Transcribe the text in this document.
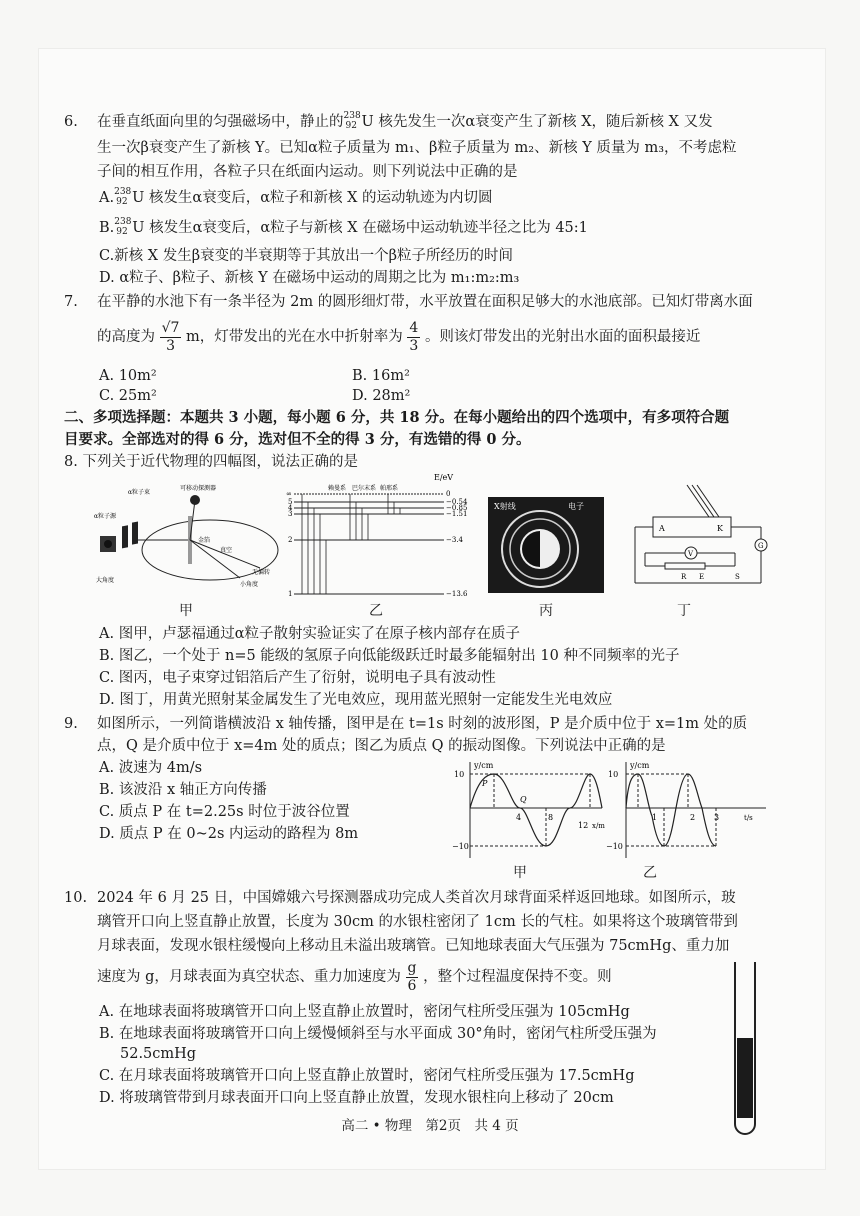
6. 在垂直纸面向里的匀强磁场中，静止的 238
92 U 核先发生一次α衰变产生了新核 X，随后新核 X 又发
生一次β衰变产生了新核 Y。已知α粒子质量为 m₁、β粒子质量为 m₂、新核 Y 质量为 m₃，不考虑粒
子间的相互作用，各粒子只在纸面内运动。则下列说法中正确的是
A. 238
92 U 核发生α衰变后，α粒子和新核 X 的运动轨迹为内切圆
B. 238
92 U 核发生α衰变后，α粒子与新核 X 在磁场中运动轨迹半径之比为 45:1
C.新核 X 发生β衰变的半衰期等于其放出一个β粒子所经历的时间
D. α粒子、β粒子、新核 Y 在磁场中运动的周期之比为 m₁:m₂:m₃
7. 在平静的水池下有一条半径为 2m 的圆形细灯带，水平放置在面积足够大的水池底部。已知灯带离水面
的高度为 $\frac{√7}{3}$ m，灯带发出的光在水中折射率为 $\frac{4}{3}$ 。则该灯带发出的光射出水面的面积最接近
A. 10m²	B. 16m²
C. 25m²	D. 28m²
二、多项选择题：本题共 3 小题，每小题 6 分，共 18 分。在每小题给出的四个选项中，有多项符合题
目要求。全部选对的得 6 分，选对但不全的得 3 分，有选错的得 0 分。
8. 下列关于近代物理的四幅图，说法正确的是
α粒子源
α粒子束
可移动探测器
金箔
真空
无偏转
小角度
大角度
甲
E/eV
赖曼系 巴尔末系 帕邢系
∞
5
4
3
2
1
0
−0.54
−0.85
−1.51
−3.4
−13.6
乙
X射线	电子
丙
A	K
V
G
R E	S
丁
A. 图甲，卢瑟福通过α粒子散射实验证实了在原子核内部存在质子
B. 图乙，一个处于 n=5 能级的氢原子向低能级跃迁时最多能辐射出 10 种不同频率的光子
C. 图丙，电子束穿过铝箔后产生了衍射，说明电子具有波动性
D. 图丁，用黄光照射某金属发生了光电效应，现用蓝光照射一定能发生光电效应
9. 如图所示，一列简谐横波沿 x 轴传播，图甲是在 t=1s 时刻的波形图，P 是介质中位于 x=1m 处的质
点，Q 是介质中位于 x=4m 处的质点；图乙为质点 Q 的振动图像。下列说法中正确的是
A. 波速为 4m/s
B. 该波沿 x 轴正方向传播
C. 质点 P 在 t=2.25s 时位于波谷位置
D. 质点 P 在 0~2s 内运动的路程为 8m
y/cm
10
−10
4	8
12 x/m
P
Q
甲
y/cm
10
−10
1	2 3	t/s
乙
10. 2024 年 6 月 25 日，中国嫦娥六号探测器成功完成人类首次月球背面采样返回地球。如图所示，玻
璃管开口向上竖直静止放置，长度为 30cm 的水银柱密闭了 1cm 长的气柱。如果将这个玻璃管带到
月球表面，发现水银柱缓慢向上移动且未溢出玻璃管。已知地球表面大气压强为 75cmHg、重力加
速度为 g，月球表面为真空状态、重力加速度为 $\frac{g}{6}$ ，整个过程温度保持不变。则
A. 在地球表面将玻璃管开口向上竖直静止放置时，密闭气柱所受压强为 105cmHg
B. 在地球表面将玻璃管开口向上缓慢倾斜至与水平面成 30°角时，密闭气柱所受压强为
52.5cmHg
C. 在月球表面将玻璃管开口向上竖直静止放置时，密闭气柱所受压强为 17.5cmHg
D. 将玻璃管带到月球表面开口向上竖直静止放置，发现水银柱向上移动了 20cm
高二 • 物理　第2页　共 4 页
